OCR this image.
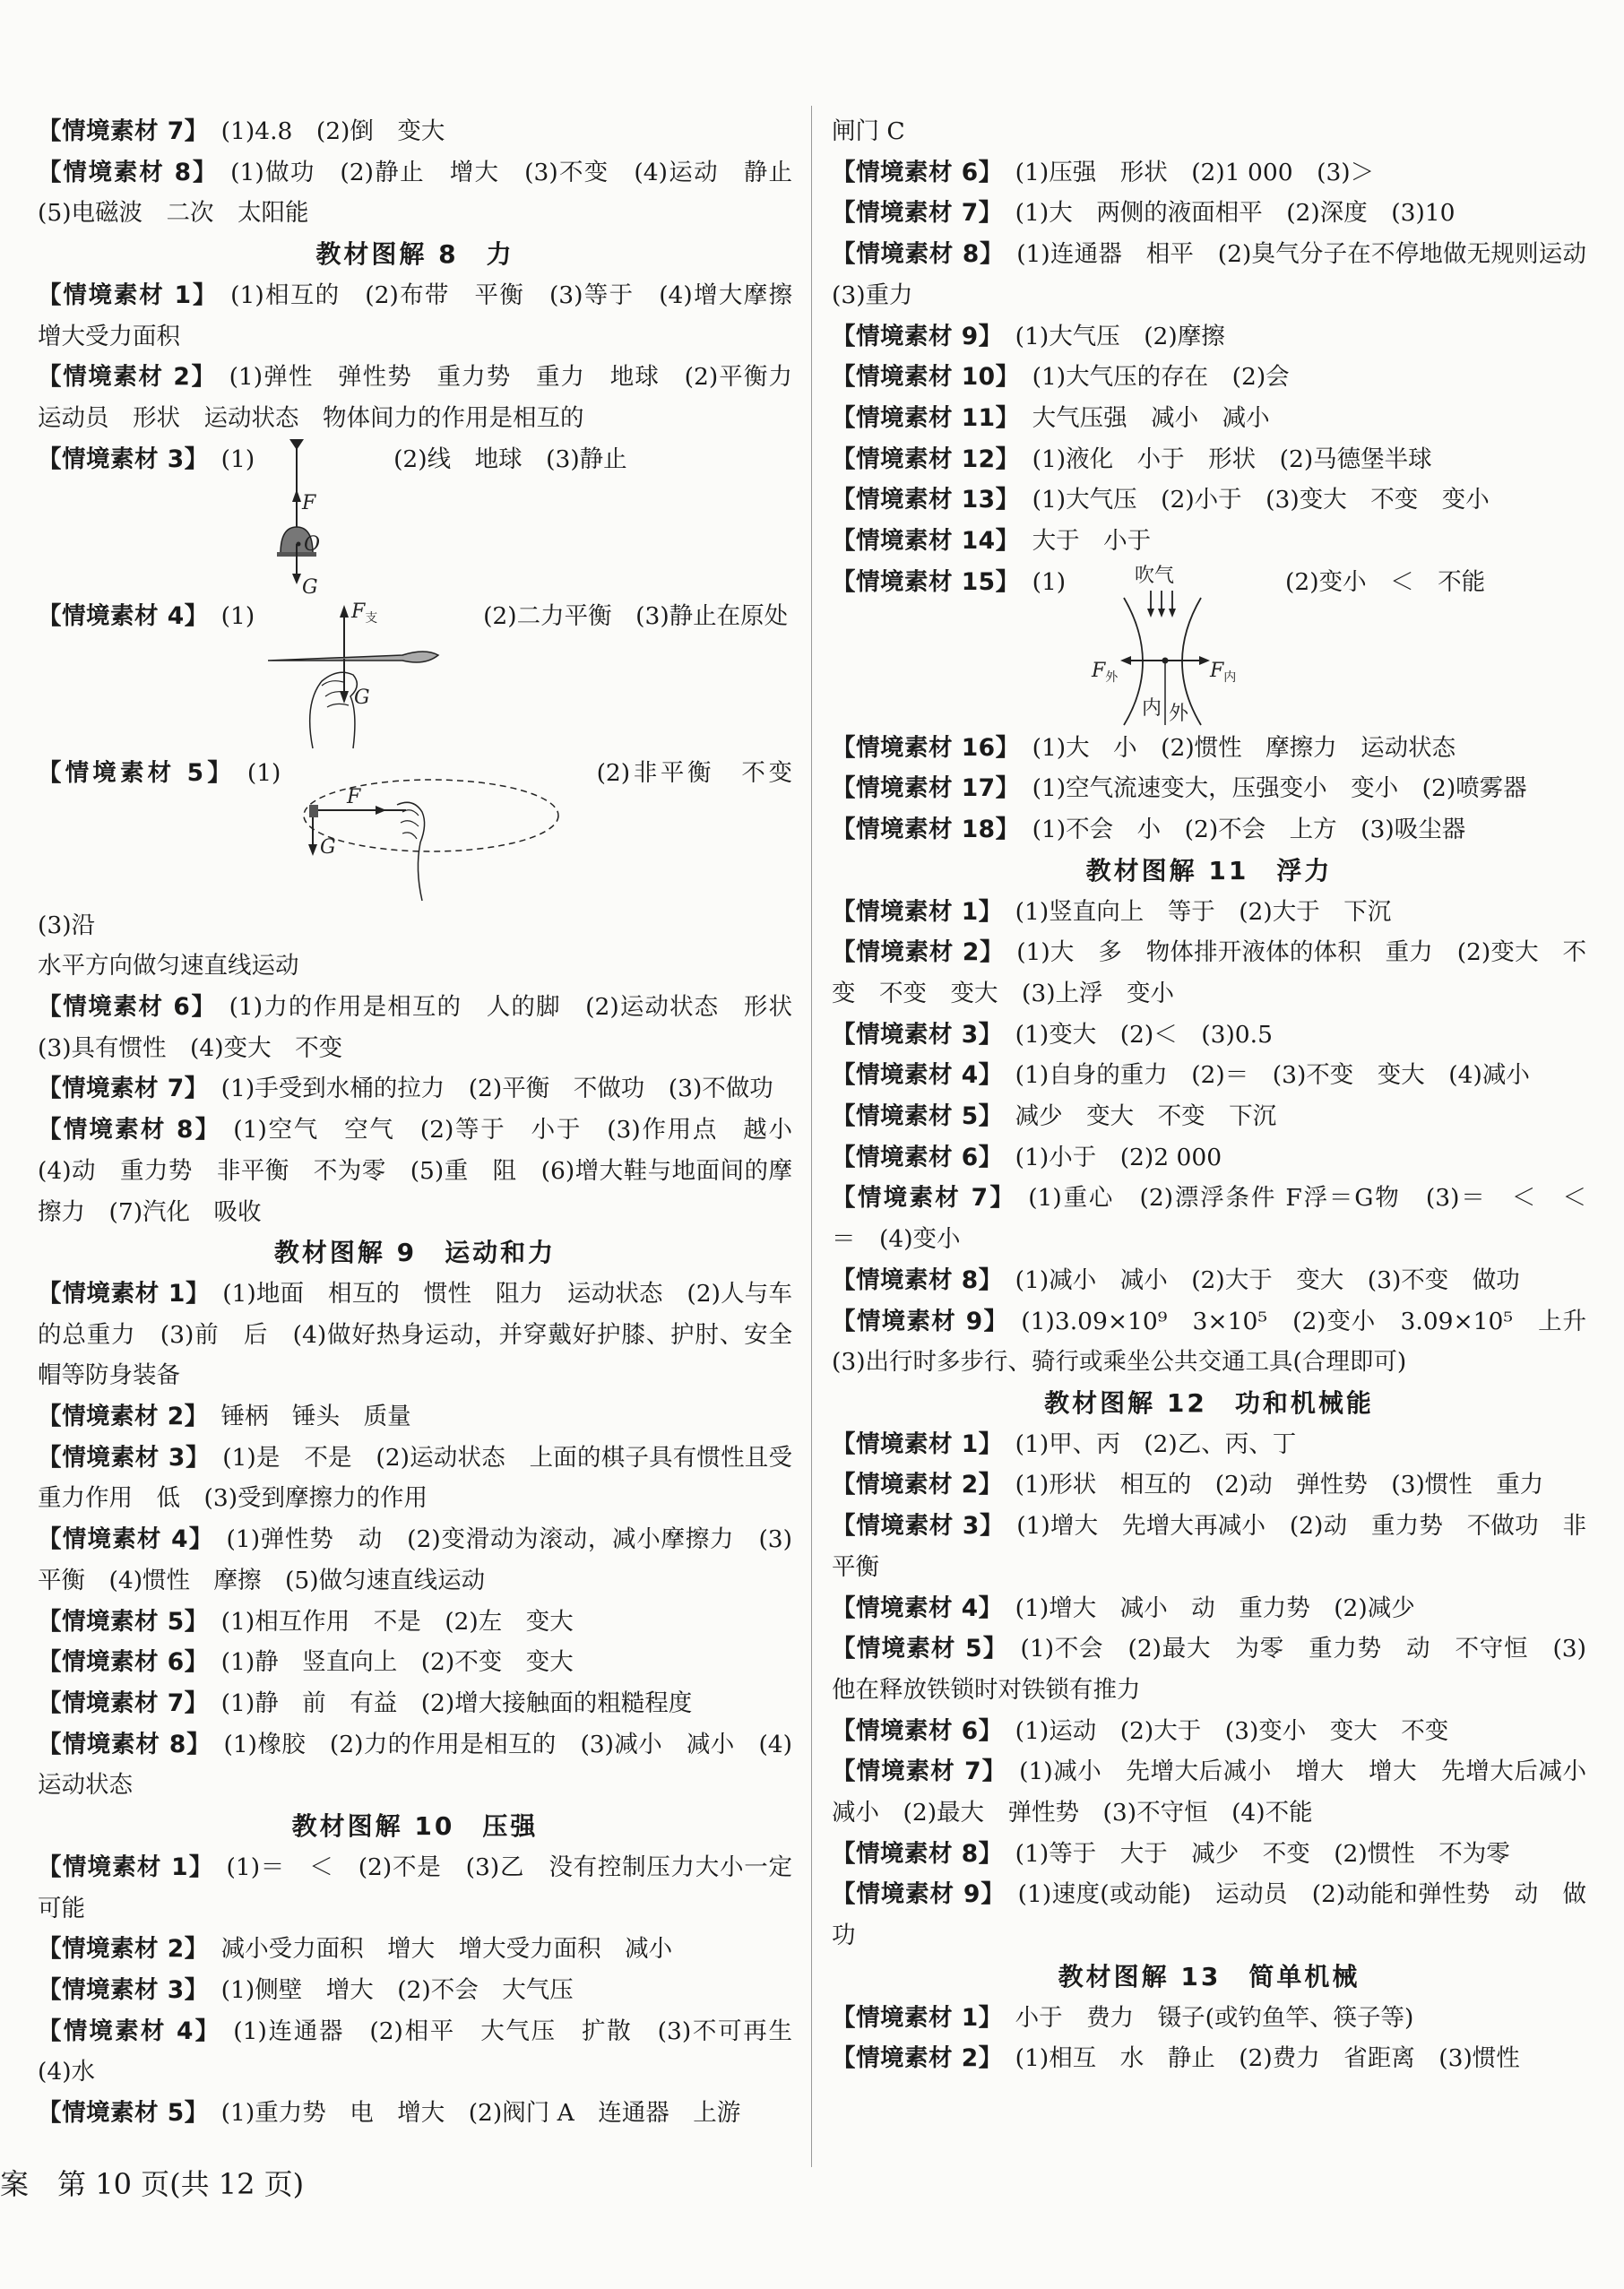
【情境素材 7】 (1)4.8　(2)倒　变大
【情境素材 8】 (1)做功　(2)静止　增大　(3)不变　(4)运动　静止　(5)电磁波　二次　太阳能
教材图解 8　力
【情境素材 1】 (1)相互的　(2)布带　平衡　(3)等于　(4)增大摩擦　增大受力面积
【情境素材 2】 (1)弹性　弹性势　重力势　重力　地球　(2)平衡力　运动员　形状　运动状态　物体间力的作用是相互的
【情境素材 3】 (1)
F
O
G
(2)线　地球　(3)静止
【情境素材 4】 (1)	$F_支$
G
(2)二力平衡　(3)静止在原处
【情境素材 5】 (1)
F
G
(2)非平衡　不变　(3)沿
水平方向做匀速直线运动
【情境素材 6】 (1)力的作用是相互的　人的脚　(2)运动状态　形状　(3)具有惯性　(4)变大　不变
【情境素材 7】 (1)手受到水桶的拉力　(2)平衡　不做功　(3)不做功
【情境素材 8】 (1)空气　空气　(2)等于　小于　(3)作用点　越小　(4)动　重力势　非平衡　不为零　(5)重　阻　(6)增大鞋与地面间的摩擦力　(7)汽化　吸收
教材图解 9　运动和力
【情境素材 1】 (1)地面　相互的　惯性　阻力　运动状态　(2)人与车的总重力　(3)前　后　(4)做好热身运动，并穿戴好护膝、护肘、安全帽等防身装备
【情境素材 2】 锤柄　锤头　质量
【情境素材 3】 (1)是　不是　(2)运动状态　上面的棋子具有惯性且受重力作用　低　(3)受到摩擦力的作用
【情境素材 4】 (1)弹性势　动　(2)变滑动为滚动，减小摩擦力　(3)平衡　(4)惯性　摩擦　(5)做匀速直线运动
【情境素材 5】 (1)相互作用　不是　(2)左　变大
【情境素材 6】 (1)静　竖直向上　(2)不变　变大
【情境素材 7】 (1)静　前　有益　(2)增大接触面的粗糙程度
【情境素材 8】 (1)橡胶　(2)力的作用是相互的　(3)减小　减小　(4)运动状态
教材图解 10　压强
【情境素材 1】 (1)＝　＜　(2)不是　(3)乙　没有控制压力大小一定　可能
【情境素材 2】 减小受力面积　增大　增大受力面积　减小
【情境素材 3】 (1)侧壁　增大　(2)不会　大气压
【情境素材 4】 (1)连通器　(2)相平　大气压　扩散　(3)不可再生　(4)水
【情境素材 5】 (1)重力势　电　增大　(2)阀门 A　连通器　上游
闸门 C
【情境素材 6】 (1)压强　形状　(2)1 000　(3)＞
【情境素材 7】 (1)大　两侧的液面相平　(2)深度　(3)10
【情境素材 8】 (1)连通器　相平　(2)臭气分子在不停地做无规则运动　(3)重力
【情境素材 9】 (1)大气压　(2)摩擦
【情境素材 10】 (1)大气压的存在　(2)会
【情境素材 11】 大气压强　减小　减小
【情境素材 12】 (1)液化　小于　形状　(2)马德堡半球
【情境素材 13】 (1)大气压　(2)小于　(3)变大　不变　变小
【情境素材 14】 大于　小于
【情境素材 15】 (1)	吹气
$F_外$	$F_内$
内 外
(2)变小　＜　不能
【情境素材 16】 (1)大　小　(2)惯性　摩擦力　运动状态
【情境素材 17】 (1)空气流速变大，压强变小　变小　(2)喷雾器
【情境素材 18】 (1)不会　小　(2)不会　上方　(3)吸尘器
教材图解 11　浮力
【情境素材 1】 (1)竖直向上　等于　(2)大于　下沉
【情境素材 2】 (1)大　多　物体排开液体的体积　重力　(2)变大　不变　不变　变大　(3)上浮　变小
【情境素材 3】 (1)变大　(2)＜　(3)0.5
【情境素材 4】 (1)自身的重力　(2)＝　(3)不变　变大　(4)减小
【情境素材 5】 减少　变大　不变　下沉
【情境素材 6】 (1)小于　(2)2 000
【情境素材 7】 (1)重心　(2)漂浮条件 F浮＝G物　(3)＝　＜　＜　＝　(4)变小
【情境素材 8】 (1)减小　减小　(2)大于　变大　(3)不变　做功
【情境素材 9】 (1)3.09×10⁹　3×10⁵　(2)变小　3.09×10⁵　上升　(3)出行时多步行、骑行或乘坐公共交通工具(合理即可)
教材图解 12　功和机械能
【情境素材 1】 (1)甲、丙　(2)乙、丙、丁
【情境素材 2】 (1)形状　相互的　(2)动　弹性势　(3)惯性　重力
【情境素材 3】 (1)增大　先增大再减小　(2)动　重力势　不做功　非平衡
【情境素材 4】 (1)增大　减小　动　重力势　(2)减少
【情境素材 5】 (1)不会　(2)最大　为零　重力势　动　不守恒　(3)他在释放铁锁时对铁锁有推力
【情境素材 6】 (1)运动　(2)大于　(3)变小　变大　不变
【情境素材 7】 (1)减小　先增大后减小　增大　增大　先增大后减小　减小　(2)最大　弹性势　(3)不守恒　(4)不能
【情境素材 8】 (1)等于　大于　减少　不变　(2)惯性　不为零
【情境素材 9】 (1)速度(或动能)　运动员　(2)动能和弹性势　动　做功
教材图解 13　简单机械
【情境素材 1】 小于　费力　镊子(或钓鱼竿、筷子等)
【情境素材 2】 (1)相互　水　静止　(2)费力　省距离　(3)惯性
案　 第 10 页(共 12 页)
